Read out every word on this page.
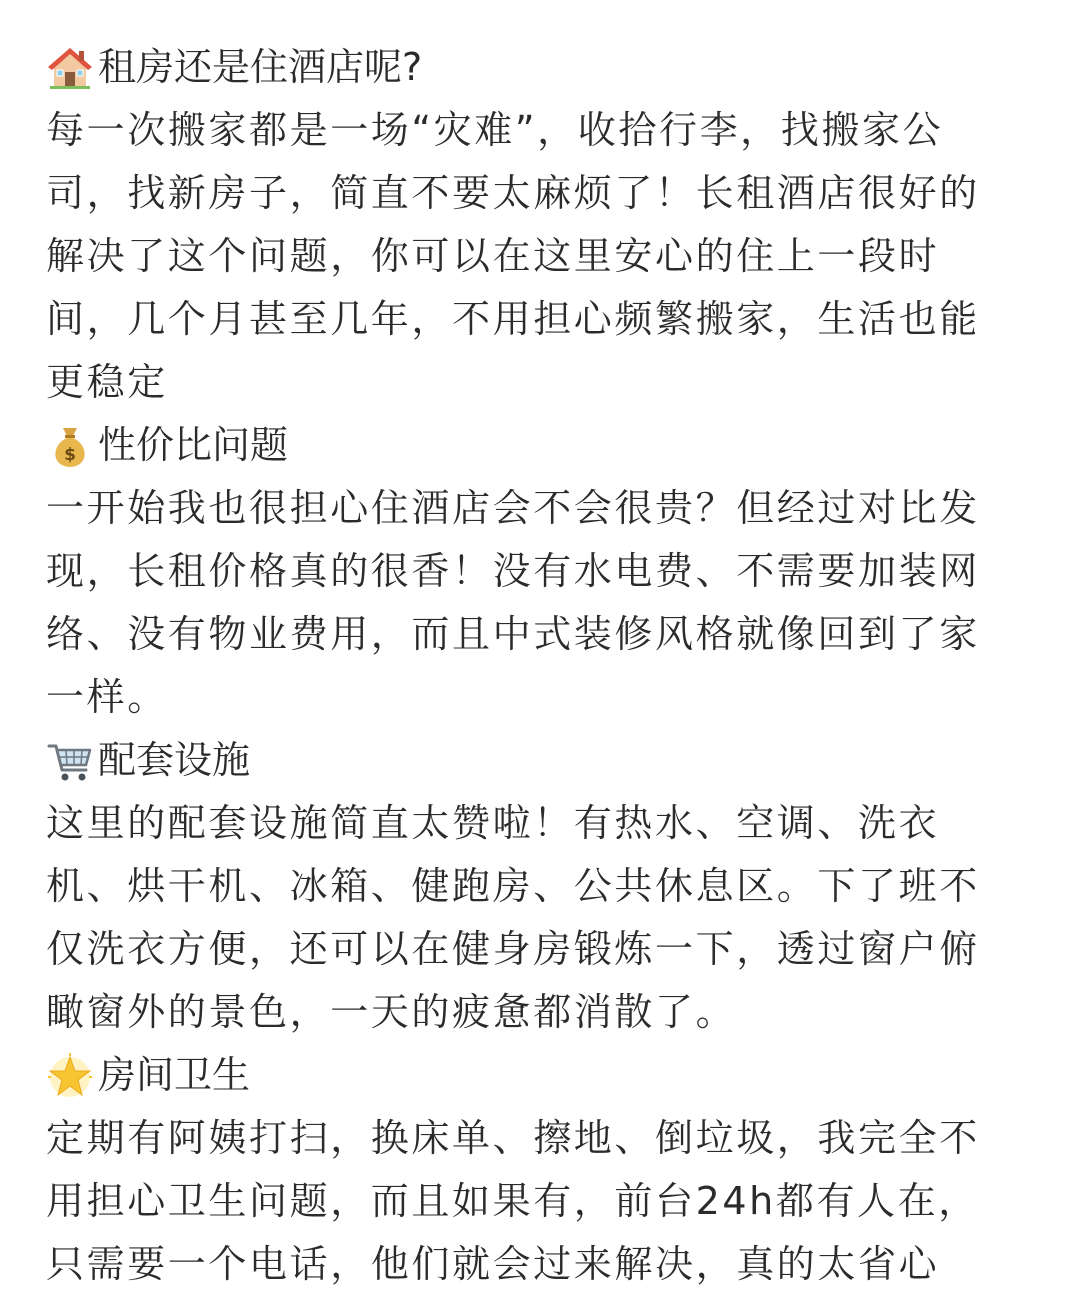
租房还是住酒店呢?

每一次搬家都是一场“灾难”，收拾行李，找搬家公
司，找新房子，简直不要太麻烦了！长租酒店很好的
解决了这个问题，你可以在这里安心的住上一段时
间，几个月甚至几年，不用担心频繁搬家，生活也能
更稳定

$ 性价比问题

一开始我也很担心住酒店会不会很贵？但经过对比发
现，长租价格真的很香！没有水电费、不需要加装网
络、没有物业费用，而且中式装修风格就像回到了家
一样。

配套设施

这里的配套设施简直太赞啦！有热水、空调、洗衣
机、烘干机、冰箱、健跑房、公共休息区。下了班不
仅洗衣方便，还可以在健身房锻炼一下，透过窗户俯
瞰窗外的景色，一天的疲惫都消散了。

房间卫生

定期有阿姨打扫，换床单、擦地、倒垃圾，我完全不
用担心卫生问题，而且如果有，前台24h都有人在，
只需要一个电话，他们就会过来解决，真的太省心
